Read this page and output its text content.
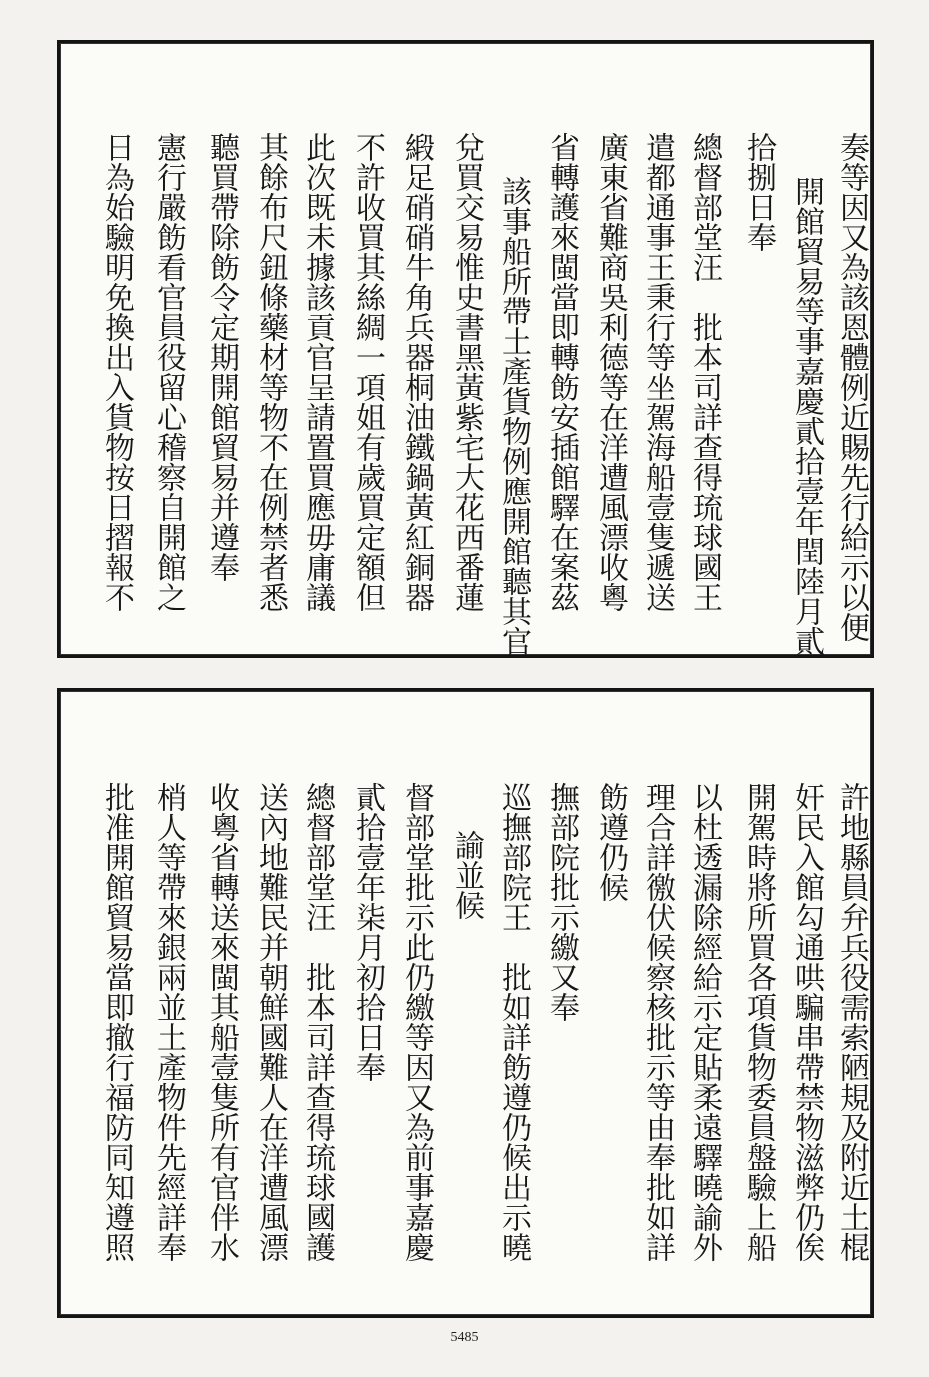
奏等因又為該恩體例近賜先行給示以便
開館貿易等事嘉慶貳拾壹年閏陸月貳
拾捌日奉
總督部堂汪　批本司詳查得琉球國王
遣都通事王秉行等坐駕海船壹隻遞送
廣東省難商吳利德等在洋遭風漂收粵
省轉護來閩當即轉飭安插館驛在案茲
該事船所帶土產貨物例應開館聽其官
兌買交易惟史書黑黃紫宅大花西番蓮
緞足硝硝牛角兵器桐油鐵鍋黃紅銅器
不許收買其絲綢一項姐有歲買定額但
此次既未據該貢官呈請置買應毋庸議
其餘布尺鈕條藥材等物不在例禁者悉
聽買帶除飭令定期開館貿易并遵奉
憲行嚴飭看官員役留心稽察自開館之
日為始驗明免換出入貨物按日摺報不
許地縣員弁兵役需索陋規及附近土棍
奸民入館勾通哄騙串帶禁物滋弊仍俟
開駕時將所買各項貨物委員盤驗上船
以杜透漏除經給示定貼柔遠驛曉諭外
理合詳徼伏候察核批示等由奉批如詳
飭遵仍候
撫部院批示繳又奉
巡撫部院王　批如詳飭遵仍候出示曉
諭並候
督部堂批示此仍繳等因又為前事嘉慶
貳拾壹年柒月初拾日奉
總督部堂汪　批本司詳查得琉球國護
送內地難民并朝鮮國難人在洋遭風漂
收粵省轉送來閩其船壹隻所有官伴水
梢人等帶來銀兩並土產物件先經詳奉
批准開館貿易當即撤行福防同知遵照
5485
